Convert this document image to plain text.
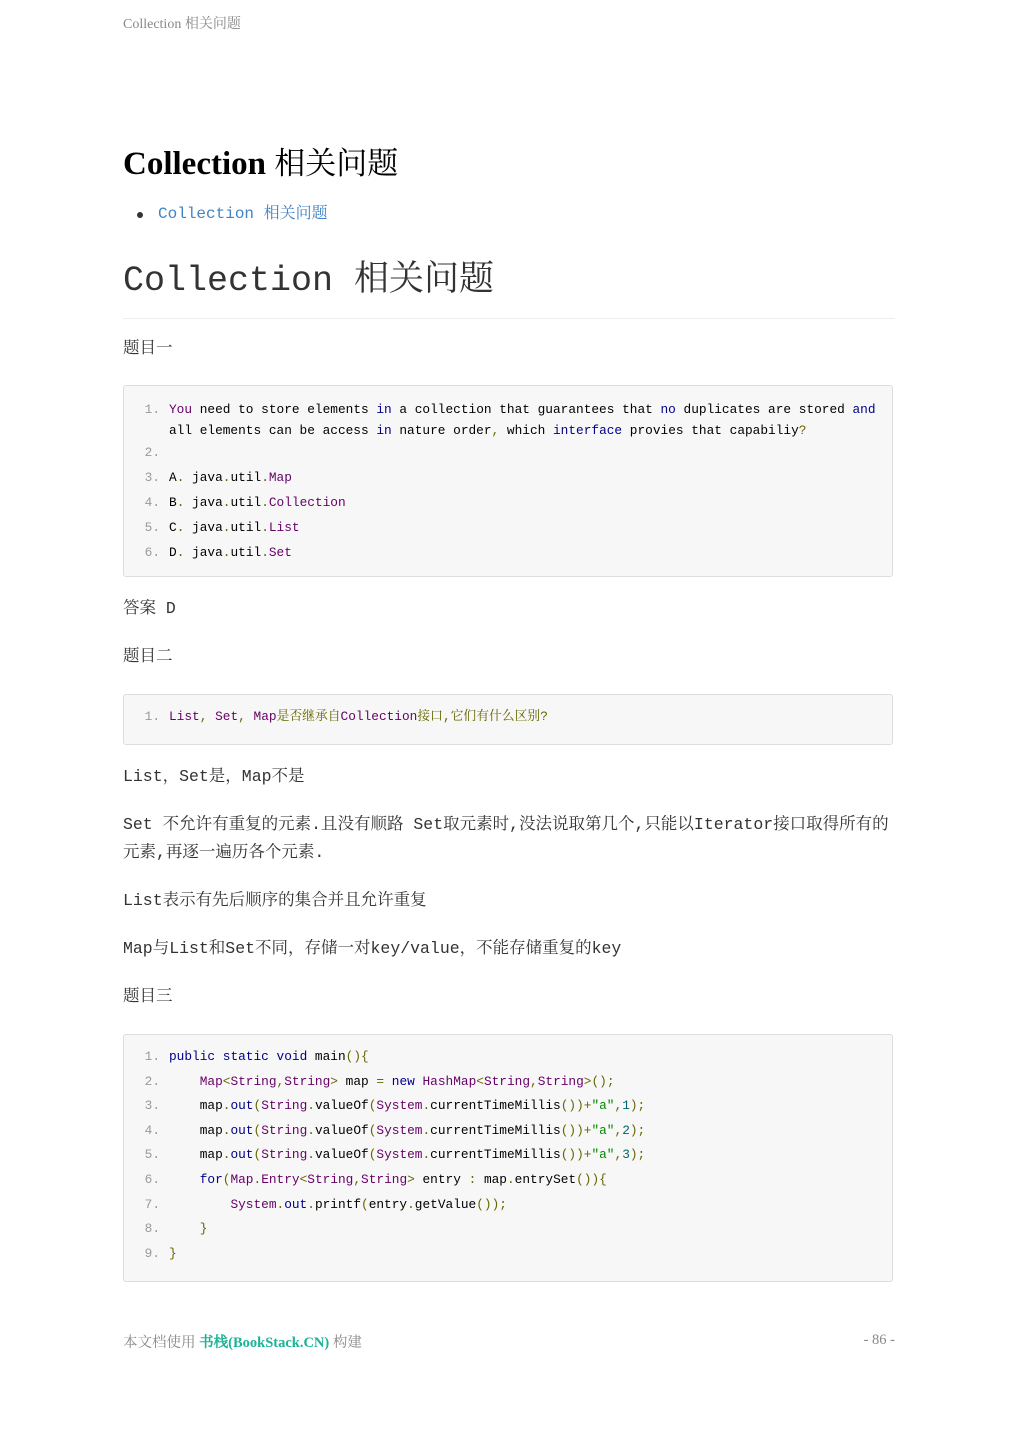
Collection 相关问题
Collection 相关问题
Collection 相关问题
Collection 相关问题

题目一

1. You need to store elements in a collection that guarantees that no duplicates are stored and all elements can be access in nature order, which interface provies that capabiliy?
2.
3. A. java.util.Map
4. B. java.util.Collection
5. C. java.util.List
6. D. java.util.Set

答案 D

题目二

1. List, Set, Map是否继承自Collection接口,它们有什么区别?

List，Set是，Map不是

Set 不允许有重复的元素.且没有顺路 Set取元素时,没法说取第几个,只能以Iterator接口取得所有的元素,再逐一遍历各个元素.

List表示有先后顺序的集合并且允许重复

Map与List和Set不同，存储一对key/value，不能存储重复的key

题目三

1. public static void main(){
2.	Map<String,String> map = new HashMap<String,String>();
3. map.out(String.valueOf(System.currentTimeMillis())+"a",1);
4. map.out(String.valueOf(System.currentTimeMillis())+"a",2);
5. map.out(String.valueOf(System.currentTimeMillis())+"a",3);
6.	for(Map.Entry<String,String> entry : map.entrySet()){
7.	System.out.printf(entry.getValue());
8.	}
9. }
本文档使用 书栈(BookStack.CN) 构建	- 86 -
